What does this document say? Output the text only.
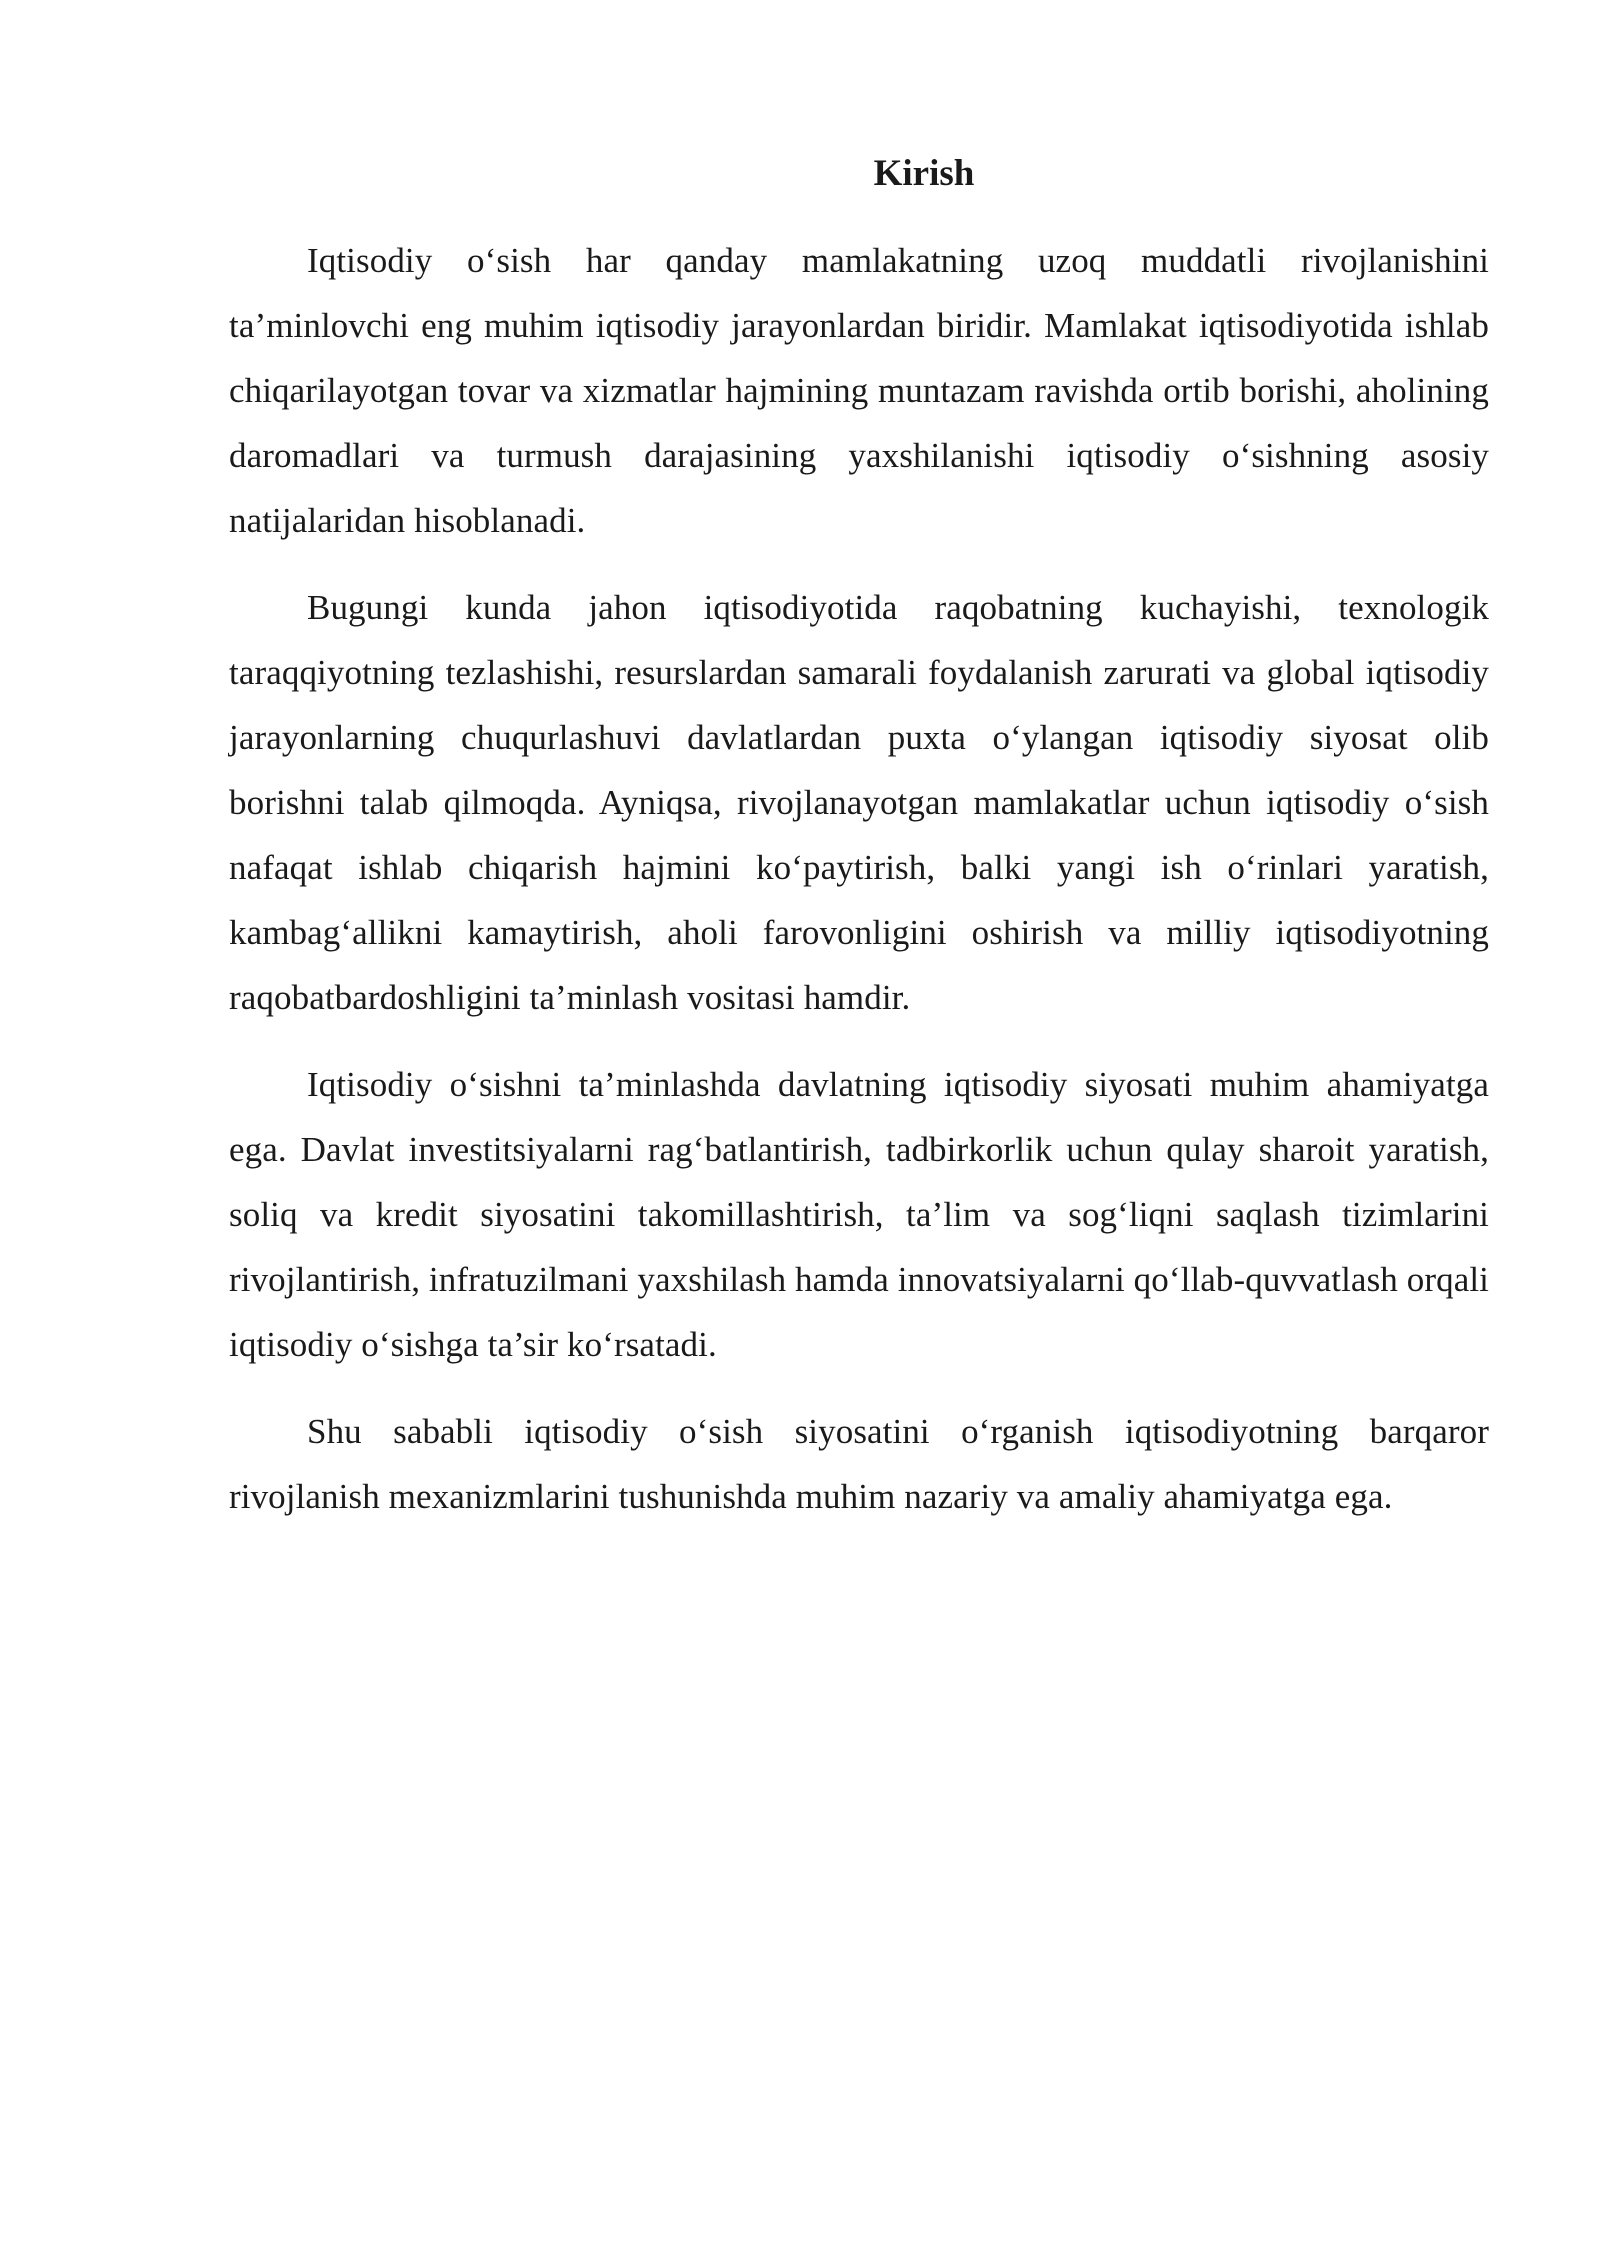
Kirish

Iqtisodiy o‘sish har qanday mamlakatning uzoq muddatli rivojlanishini ta’minlovchi eng muhim iqtisodiy jarayonlardan biridir. Mamlakat iqtisodiyotida ishlab chiqarilayotgan tovar va xizmatlar hajmining muntazam ravishda ortib borishi, aholining daromadlari va turmush darajasining yaxshilanishi iqtisodiy o‘sishning asosiy natijalaridan hisoblanadi.

Bugungi kunda jahon iqtisodiyotida raqobatning kuchayishi, texnologik taraqqiyotning tezlashishi, resurslardan samarali foydalanish zarurati va global iqtisodiy jarayonlarning chuqurlashuvi davlatlardan puxta o‘ylangan iqtisodiy siyosat olib borishni talab qilmoqda. Ayniqsa, rivojlanayotgan mamlakatlar uchun iqtisodiy o‘sish nafaqat ishlab chiqarish hajmini ko‘paytirish, balki yangi ish o‘rinlari yaratish, kambag‘allikni kamaytirish, aholi farovonligini oshirish va milliy iqtisodiyotning raqobatbardoshligini ta’minlash vositasi hamdir.

Iqtisodiy o‘sishni ta’minlashda davlatning iqtisodiy siyosati muhim ahamiyatga ega. Davlat investitsiyalarni rag‘batlantirish, tadbirkorlik uchun qulay sharoit yaratish, soliq va kredit siyosatini takomillashtirish, ta’lim va sog‘liqni saqlash tizimlarini rivojlantirish, infratuzilmani yaxshilash hamda innovatsiyalarni qo‘llab-quvvatlash orqali iqtisodiy o‘sishga ta’sir ko‘rsatadi.

Shu sababli iqtisodiy o‘sish siyosatini o‘rganish iqtisodiyotning barqaror rivojlanish mexanizmlarini tushunishda muhim nazariy va amaliy ahamiyatga ega.
